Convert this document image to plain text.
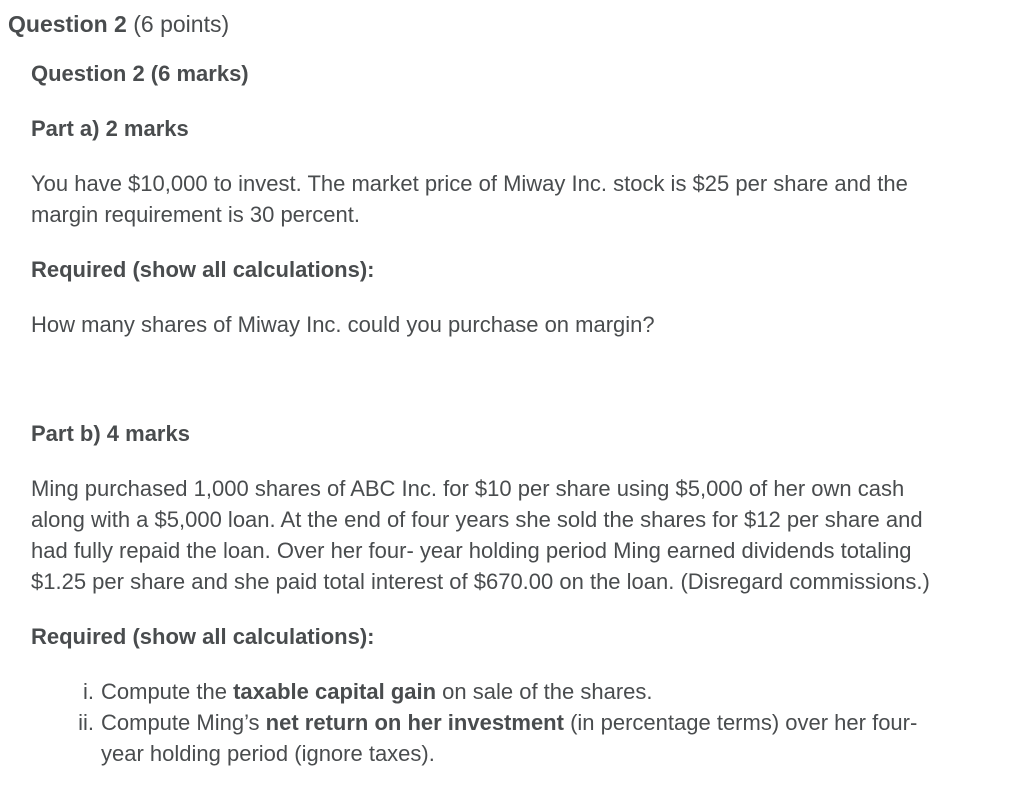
Question 2 (6 points)

Question 2 (6 marks)

Part a) 2 marks

You have $10,000 to invest. The market price of Miway Inc. stock is $25 per share and the margin requirement is 30 percent.

Required (show all calculations):

How many shares of Miway Inc. could you purchase on margin?

Part b) 4 marks

Ming purchased 1,000 shares of ABC Inc. for $10 per share using $5,000 of her own cash along with a $5,000 loan. At the end of four years she sold the shares for $12 per share and had fully repaid the loan. Over her four- year holding period Ming earned dividends totaling $1.25 per share and she paid total interest of $670.00 on the loan. (Disregard commissions.)

Required (show all calculations):

i. Compute the taxable capital gain on sale of the shares.
ii. Compute Ming’s net return on her investment (in percentage terms) over her four-year holding period (ignore taxes).
